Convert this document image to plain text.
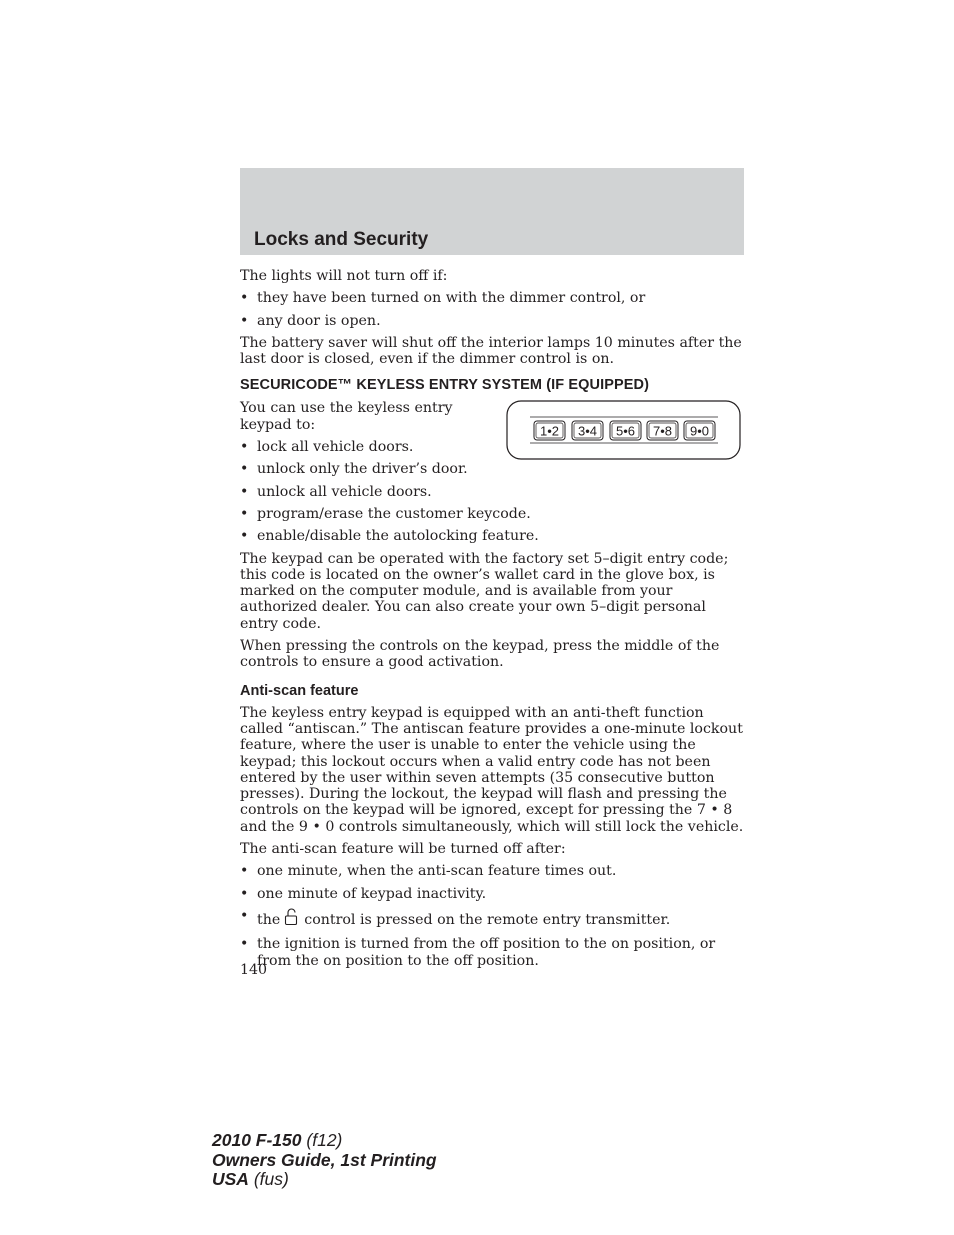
Locks and Security

The lights will not turn off if:

• they have been turned on with the dimmer control, or
• any door is open.

The battery saver will shut off the interior lamps 10 minutes after the last door is closed, even if the dimmer control is on.

SECURICODE™ KEYLESS ENTRY SYSTEM (IF EQUIPPED)
1•2 3•4 5•6 7•8 9•0

You can use the keyless entry keypad to:

• lock all vehicle doors.
• unlock only the driver’s door.
• unlock all vehicle doors.
• program/erase the customer keycode.
• enable/disable the autolocking feature.

The keypad can be operated with the factory set 5–digit entry code; this code is located on the owner’s wallet card in the glove box, is marked on the computer module, and is available from your authorized dealer. You can also create your own 5–digit personal entry code.

When pressing the controls on the keypad, press the middle of the controls to ensure a good activation.

Anti-scan feature

The keyless entry keypad is equipped with an anti-theft function called “antiscan.” The antiscan feature provides a one-minute lockout feature, where the user is unable to enter the vehicle using the keypad; this lockout occurs when a valid entry code has not been entered by the user within seven attempts (35 consecutive button presses). During the lockout, the keypad will flash and pressing the controls on the keypad will be ignored, except for pressing the 7 • 8 and the 9 • 0 controls simultaneously, which will still lock the vehicle.

The anti-scan feature will be turned off after:

• one minute, when the anti-scan feature times out.
• one minute of keypad inactivity.
• the control is pressed on the remote entry transmitter.
• the ignition is turned from the off position to the on position, or from the on position to the off position.
140
2010 F-150 (f12)
Owners Guide, 1st Printing
USA (fus)
